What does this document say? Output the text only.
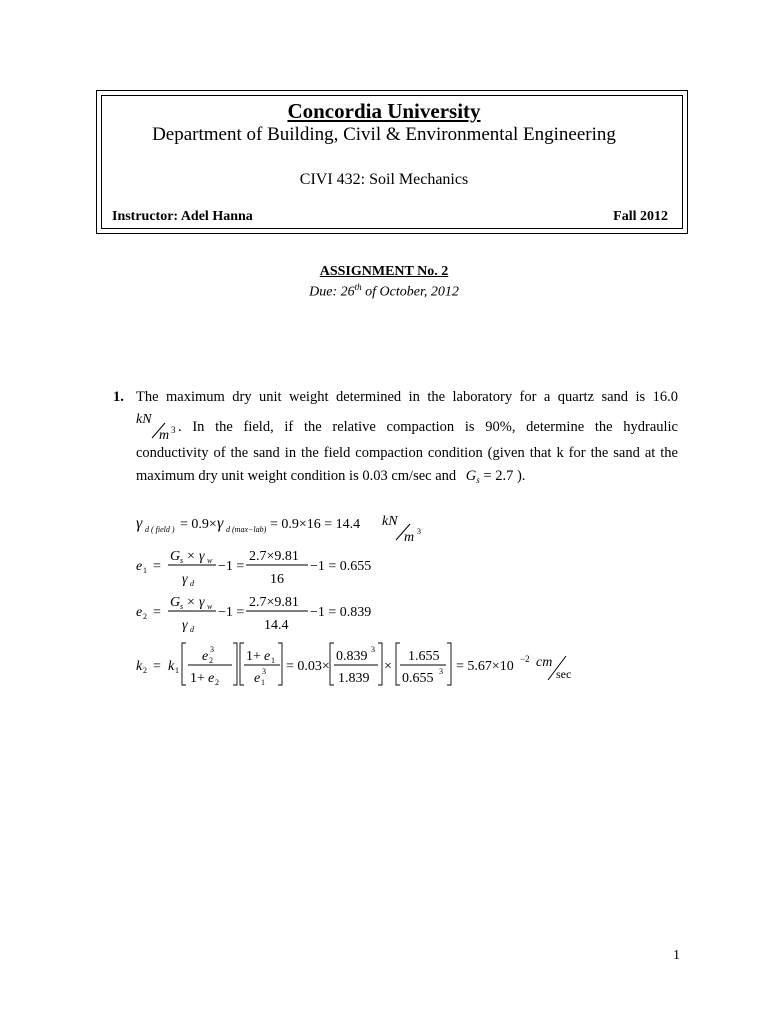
Concordia University
Department of Building, Civil & Environmental Engineering
CIVI 432: Soil Mechanics
Instructor: Adel Hanna	Fall 2012
ASSIGNMENT No. 2
Due: 26th of October, 2012
1. The maximum dry unit weight determined in the laboratory for a quartz sand is 16.0
kN
m 3 . In the field, if the relative compaction is 90%, determine the hydraulic
conductivity of the sand in the field compaction condition (given that k for the sand at the
maximum dry unit weight condition is 0.03 cm/sec and $G_s = 2.7$ ).
γ d ( field ) = 0.9× γ d (max−lab) = 0.9×16 = 14.4 kN
m 3
e 1 =
G s × γ w
γ d
−1 =
2.7×9.81
16
−1 = 0.655
e 2 =
G s × γ w
γ d
−1 =
2.7×9.81
14.4
−1 = 0.839
k 2 = k 1
e 2
3
1+ e 2
1+ e 1
e 1
3 = 0.03×
0.839 3
1.839
×
1.655
0.655 3 = 5.67×10 −2 cm
sec
1
